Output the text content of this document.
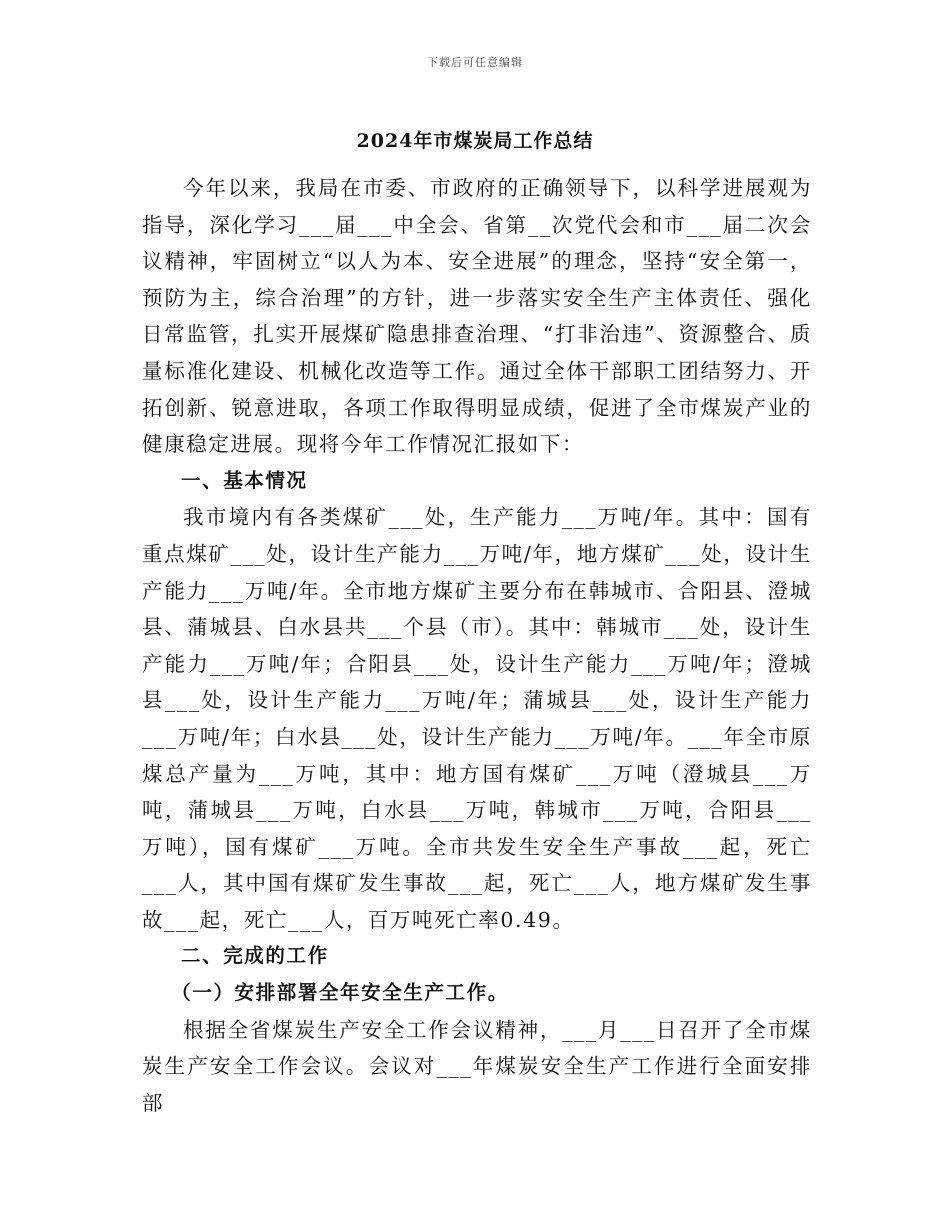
下载后可任意编辑
2024年市煤炭局工作总结

今年以来，我局在市委、市政府的正确领导下，以科学进展观为指导，深化学习___届___中全会、省第__次党代会和市___届二次会议精神，牢固树立“以人为本、安全进展”的理念，坚持“安全第一，预防为主，综合治理”的方针，进一步落实安全生产主体责任、强化日常监管，扎实开展煤矿隐患排查治理、“打非治违”、资源整合、质量标准化建设、机械化改造等工作。通过全体干部职工团结努力、开拓创新、锐意进取，各项工作取得明显成绩，促进了全市煤炭产业的健康稳定进展。现将今年工作情况汇报如下：

一、基本情况

我市境内有各类煤矿___处，生产能力___万吨/年。其中：国有重点煤矿___处，设计生产能力___万吨/年，地方煤矿___处，设计生产能力___万吨/年。全市地方煤矿主要分布在韩城市、合阳县、澄城县、蒲城县、白水县共___个县（市）。其中：韩城市___处，设计生产能力___万吨/年；合阳县___处，设计生产能力___万吨/年；澄城县___处，设计生产能力___万吨/年；蒲城县___处，设计生产能力___万吨/年；白水县___处，设计生产能力___万吨/年。___年全市原煤总产量为___万吨，其中：地方国有煤矿___万吨（澄城县___万吨，蒲城县___万吨，白水县___万吨，韩城市___万吨，合阳县___万吨），国有煤矿___万吨。全市共发生安全生产事故___起，死亡___人，其中国有煤矿发生事故___起，死亡___人，地方煤矿发生事故___起，死亡___人，百万吨死亡率0.49。

二、完成的工作

（一）安排部署全年安全生产工作。

根据全省煤炭生产安全工作会议精神，___月___日召开了全市煤炭生产安全工作会议。会议对___年煤炭安全生产工作进行全面安排部
